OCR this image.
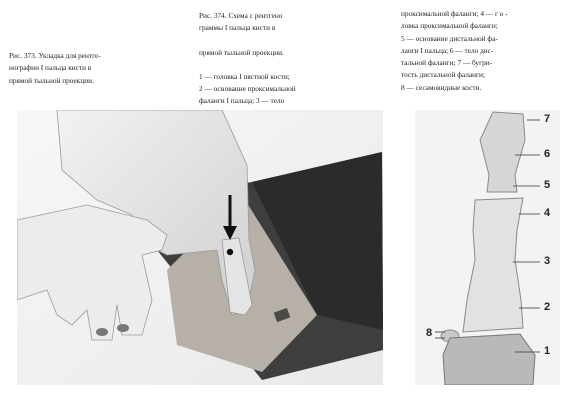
Рис. 373. Укладка для рентге-

нографии I пальца кисти в

прямой тыльной проекции.

Рис. 374. Схема с рентгено

граммы I пальца кисти в

прямой тыльной проекции.

1 — головка I пястной кости;

2 — основание проксимальной

фаланги I пальца; 3 — тело

проксимальной фаланги; 4 — г о -

ловка проксимальной фаланги;

5 — основание дистальной фа-

ланги I пальца; 6 — тело дис-

тальной фаланги; 7 — бугри-

тость дистальной фаланги;

8 — сесамовидные кости.

7
6
5
4
3
2
8
1
